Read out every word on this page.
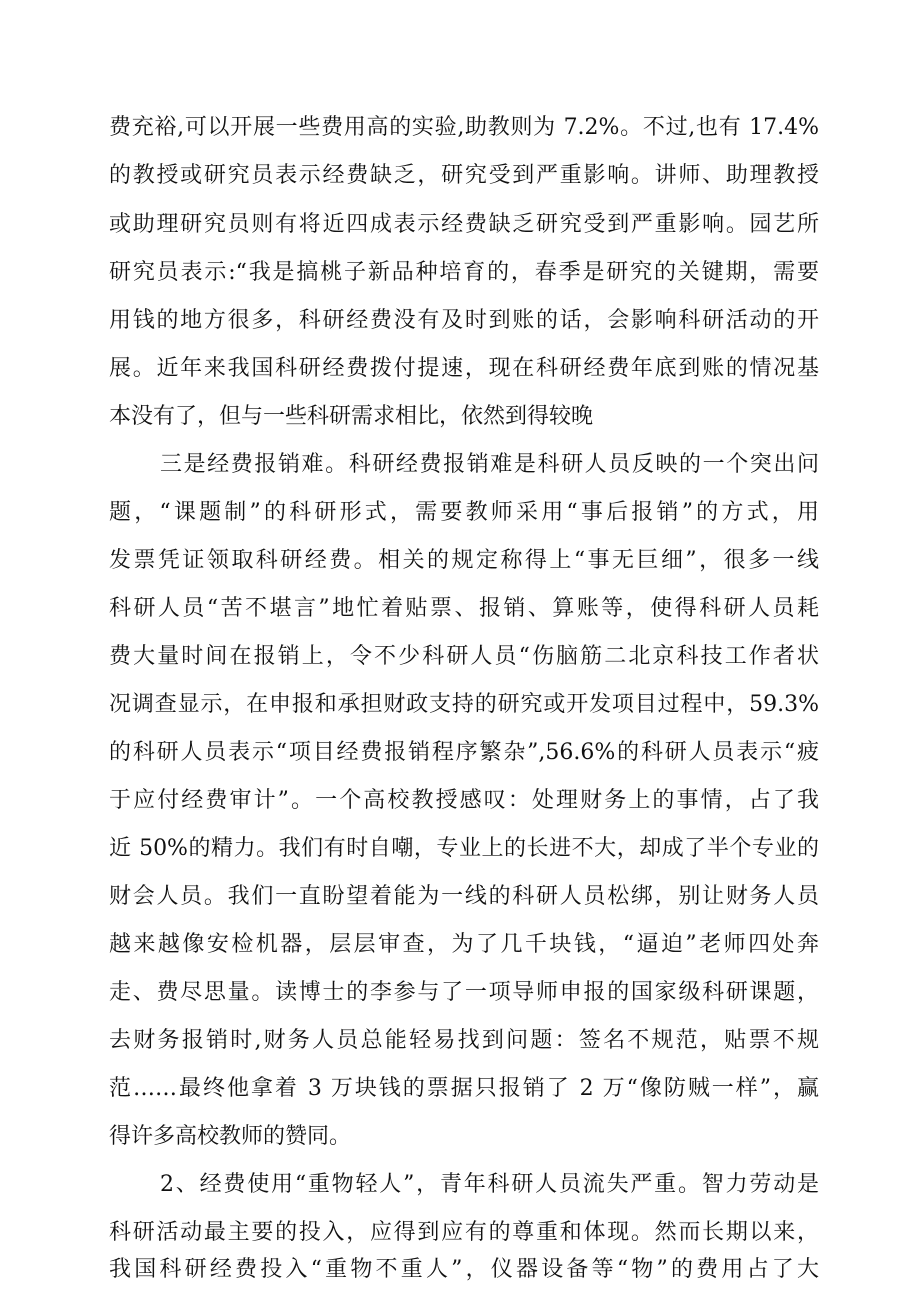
费充裕,可以开展一些费用高的实验,助教则为 7.2%。不过,也有 17.4%
的教授或研究员表示经费缺乏，研究受到严重影响。讲师、助理教授
或助理研究员则有将近四成表示经费缺乏研究受到严重影响。园艺所
研究员表示:“我是搞桃子新品种培育的，春季是研究的关键期，需要
用钱的地方很多，科研经费没有及时到账的话，会影响科研活动的开
展。近年来我国科研经费拨付提速，现在科研经费年底到账的情况基
本没有了，但与一些科研需求相比，依然到得较晚
三是经费报销难。科研经费报销难是科研人员反映的一个突出问
题，“课题制”的科研形式，需要教师采用“事后报销”的方式，用
发票凭证领取科研经费。相关的规定称得上“事无巨细”，很多一线
科研人员“苦不堪言”地忙着贴票、报销、算账等，使得科研人员耗
费大量时间在报销上，令不少科研人员“伤脑筋二北京科技工作者状
况调查显示，在申报和承担财政支持的研究或开发项目过程中，59.3%
的科研人员表示“项目经费报销程序繁杂”,56.6%的科研人员表示“疲
于应付经费审计”。一个高校教授感叹：处理财务上的事情，占了我
近 50%的精力。我们有时自嘲，专业上的长进不大，却成了半个专业的
财会人员。我们一直盼望着能为一线的科研人员松绑，别让财务人员
越来越像安检机器，层层审查，为了几千块钱，“逼迫”老师四处奔
走、费尽思量。读博士的李参与了一项导师申报的国家级科研课题，
去财务报销时,财务人员总能轻易找到问题：签名不规范，贴票不规
范……最终他拿着 3 万块钱的票据只报销了 2 万“像防贼一样”，赢
得许多高校教师的赞同。
2、经费使用“重物轻人”，青年科研人员流失严重。智力劳动是
科研活动最主要的投入，应得到应有的尊重和体现。然而长期以来，
我国科研经费投入“重物不重人”，仪器设备等“物”的费用占了大
